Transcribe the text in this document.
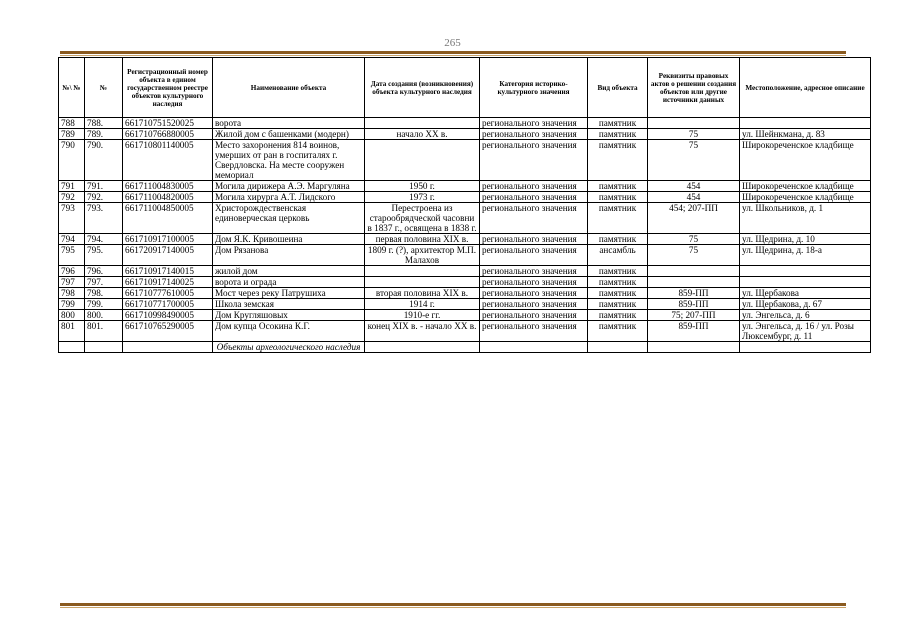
265
№\ №	№	Регистрационный номер объекта в едином государственном реестре объектов культурного наследия	Наименование объекта	Дата создания (возникновения) объекта культурного наследия	Категория историко-культурного значения	Вид объекта	Реквизиты правовых актов о решении создания объектов или другие источники данных	Местоположение, адресное описание
788	788.	661710751520025	ворота		регионального значения	памятник		
789	789.	661710766880005	Жилой дом с башенками (модерн)	начало XX в.	регионального значения	памятник	75	ул. Шейнкмана, д. 83
790	790.	661710801140005	Место захоронения 814 воинов, умерших от ран в госпиталях г. Свердловска. На месте сооружен мемориал		регионального значения	памятник	75	Широкореченское кладбище
791	791.	661711004830005	Могила дирижера А.Э. Маргуляна	1950 г.	регионального значения	памятник	454	Широкореченское кладбище
792	792.	661711004820005	Могила хирурга А.Т. Лидского	1973 г.	регионального значения	памятник	454	Широкореченское кладбище
793	793.	661711004850005	Христорождественская единоверческая церковь	Перестроена из старообрядческой часовни в 1837 г., освящена в 1838 г.	регионального значения	памятник	454; 207-ПП	ул. Школьников, д. 1
794	794.	661710917100005	Дом Я.К. Кривошеина	первая половина XIX в.	регионального значения	памятник	75	ул. Щедрина, д. 10
795	795.	661720917140005	Дом Рязанова	1809 г. (?), архитектор М.П. Малахов	регионального значения	ансамбль	75	ул. Щедрина, д. 18-а
796	796.	661710917140015	жилой дом		регионального значения	памятник		
797	797.	661710917140025	ворота и ограда		регионального значения	памятник		
798	798.	661710777610005	Мост через реку Патрушиха	вторая половина XIX в.	регионального значения	памятник	859-ПП	ул. Щербакова
799	799.	661710771700005	Школа земская	1914 г.	регионального значения	памятник	859-ПП	ул. Щербакова, д. 67
800	800.	661710998490005	Дом Кругляшовых	1910-е гг.	регионального значения	памятник	75; 207-ПП	ул. Энгельса, д. 6
801	801.	661710765290005	Дом купца Осокина К.Г.	конец XIX в. - начало XX в.	регионального значения	памятник	859-ПП	ул. Энгельса, д. 16 / ул. Розы Люксембург, д. 11
			Объекты археологического наследия					
